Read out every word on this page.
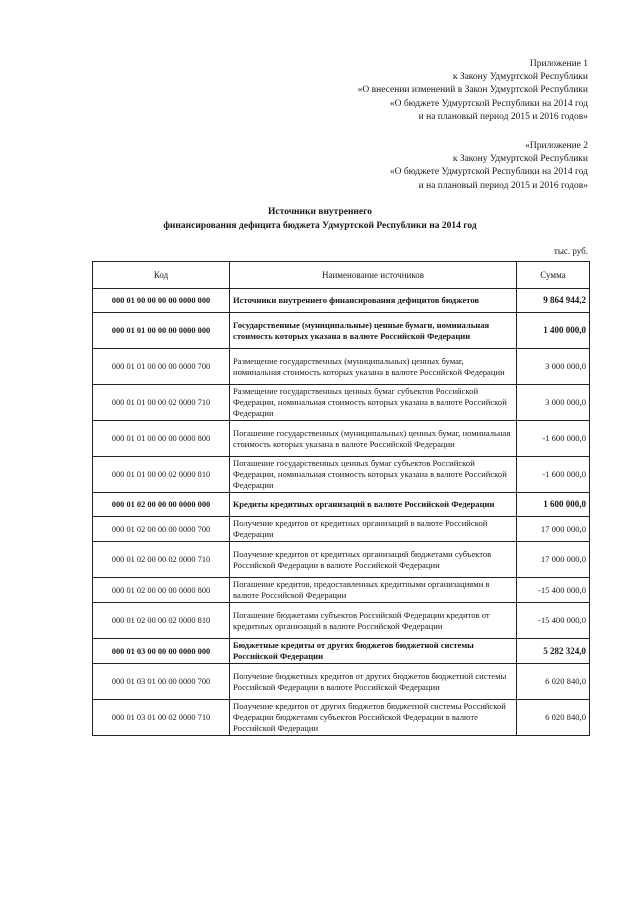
Приложение 1
к Закону Удмуртской Республики
«О внесении изменений в Закон Удмуртской Республики
«О бюджете Удмуртской Республики на 2014 год
и на плановый период 2015 и 2016 годов»
«Приложение 2
к Закону Удмуртской Республики
«О бюджете Удмуртской Республики на 2014 год
и на плановый период 2015 и 2016 годов»
Источники внутреннего
финансирования дефицита бюджета Удмуртской Республики на 2014 год
тыс. руб.
Код	Наименование источников	Сумма
000 01 00 00 00 00 0000 000	Источники внутреннего финансирования дефицитов бюджетов	9 864 944,2
000 01 01 00 00 00 0000 000	Государственные (муниципальные) ценные бумаги, номинальная стоимость которых указана в валюте Российской Федерации	1 400 000,0
000 01 01 00 00 00 0000 700	Размещение государственных (муниципальных) ценных бумаг, номинальная стоимость которых указана в валюте Российской Федерации	3 000 000,0
000 01 01 00 00 02 0000 710	Размещение государственных ценных бумаг субъектов Российской Федерации, номинальная стоимость которых указана в валюте Российской Федерации	3 000 000,0
000 01 01 00 00 00 0000 800	Погашение государственных (муниципальных) ценных бумаг, номинальная стоимость которых указана в валюте Российской Федерации	-1 600 000,0
000 01 01 00 00 02 0000 810	Погашение государственных ценных бумаг субъектов Российской Федерации, номинальная стоимость которых указана в валюте Российской Федерации	-1 600 000,0
000 01 02 00 00 00 0000 000	Кредиты кредитных организаций в валюте Российской Федерации	1 600 000,0
000 01 02 00 00 00 0000 700	Получение кредитов от кредитных организаций в валюте Российской Федерации	17 000 000,0
000 01 02 00 00 02 0000 710	Получение кредитов от кредитных организаций бюджетами субъектов Российской Федерации в валюте Российской Федерации	17 000 000,0
000 01 02 00 00 00 0000 800	Погашение кредитов, предоставленных кредитными организациями в валюте Российской Федерации	-15 400 000,0
000 01 02 00 00 02 0000 810	Погашение бюджетами субъектов Российской Федерации кредитов от кредитных организаций в валюте Российской Федерации	-15 400 000,0
000 01 03 00 00 00 0000 000	Бюджетные кредиты от других бюджетов бюджетной системы Российской Федерации	5 282 324,0
000 01 03 01 00 00 0000 700	Получение бюджетных кредитов от других бюджетов бюджетной системы Российской Федерации в валюте Российской Федерации	6 020 840,0
000 01 03 01 00 02 0000 710	Получение кредитов от других бюджетов бюджетной системы Российской Федерации бюджетами субъектов Российской Федерации в валюте Российской Федерации	6 020 840,0
